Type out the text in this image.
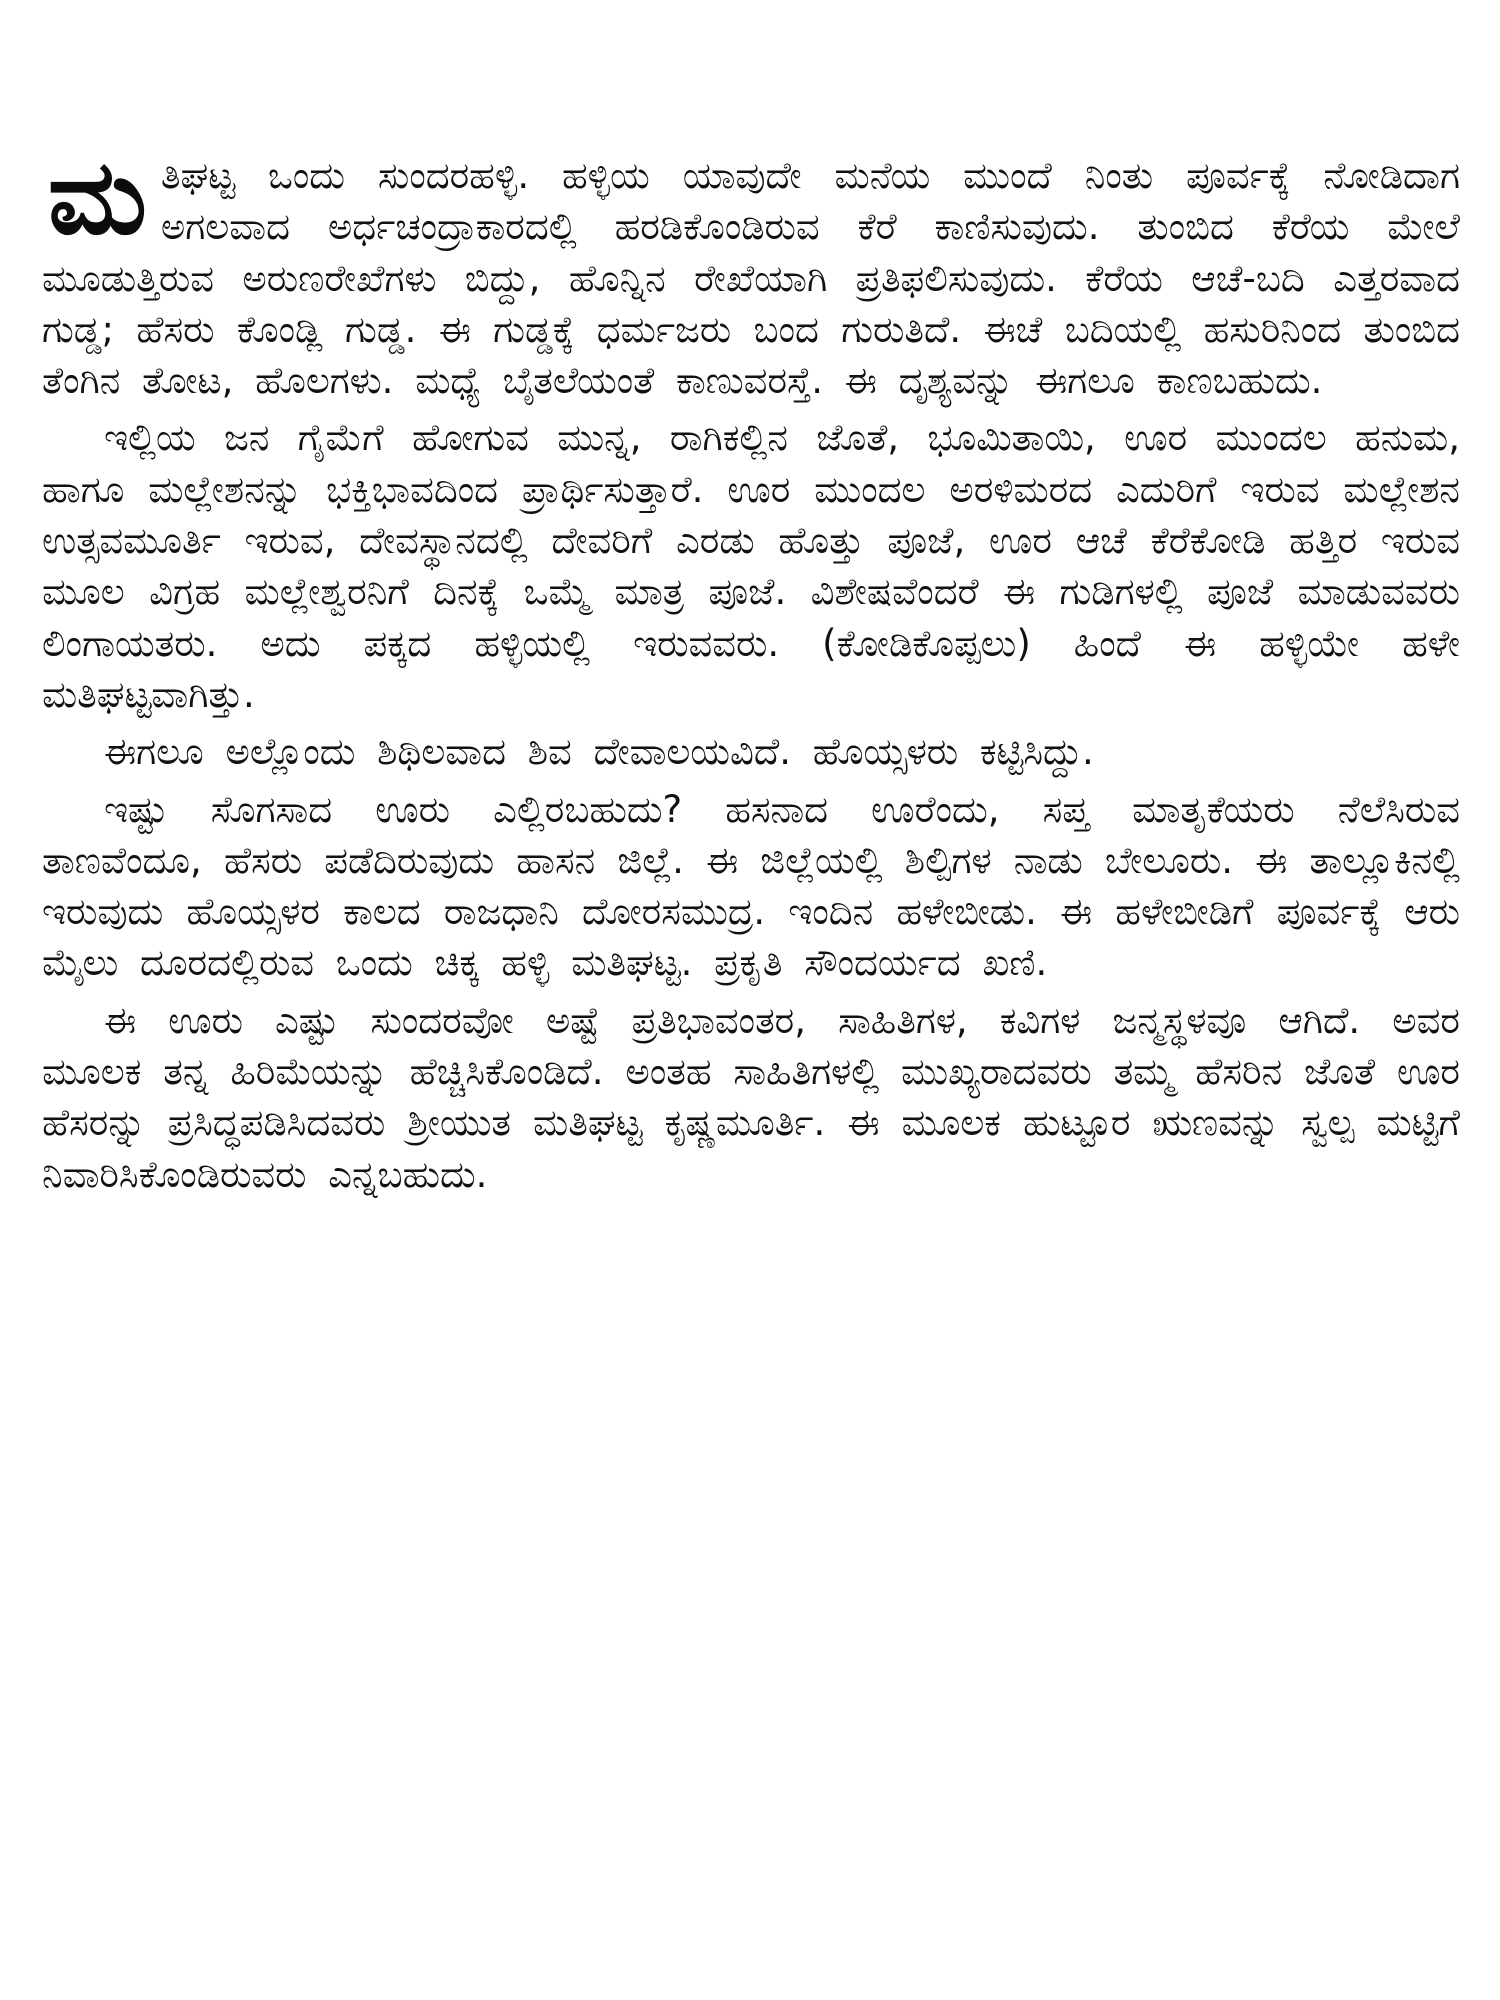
ಮತಿಘಟ್ಟ ಒಂದು ಸುಂದರಹಳ್ಳಿ. ಹಳ್ಳಿಯ ಯಾವುದೇ ಮನೆಯ ಮುಂದೆ ನಿಂತು ಪೂರ್ವಕ್ಕೆ ನೋಡಿದಾಗ ಅಗಲವಾದ ಅರ್ಧಚಂದ್ರಾಕಾರದಲ್ಲಿ ಹರಡಿಕೊಂಡಿರುವ ಕೆರೆ ಕಾಣಿಸುವುದು. ತುಂಬಿದ ಕೆರೆಯ ಮೇಲೆ ಮೂಡುತ್ತಿರುವ ಅರುಣರೇಖೆಗಳು ಬಿದ್ದು, ಹೊನ್ನಿನ ರೇಖೆಯಾಗಿ ಪ್ರತಿಫಲಿಸುವುದು. ಕೆರೆಯ ಆಚೆ-ಬದಿ ಎತ್ತರವಾದ ಗುಡ್ಡ; ಹೆಸರು ಕೊಂಡ್ಲಿ ಗುಡ್ಡ. ಈ ಗುಡ್ಡಕ್ಕೆ ಧರ್ಮಜರು ಬಂದ ಗುರುತಿದೆ. ಈಚೆ ಬದಿಯಲ್ಲಿ ಹಸುರಿನಿಂದ ತುಂಬಿದ ತೆಂಗಿನ ತೋಟ, ಹೊಲಗಳು. ಮಧ್ಯೆ ಬೈತಲೆಯಂತೆ ಕಾಣುವರಸ್ತೆ. ಈ ದೃಶ್ಯವನ್ನು ಈಗಲೂ ಕಾಣಬಹುದು.

ಇಲ್ಲಿಯ ಜನ ಗೈಮೆಗೆ ಹೋಗುವ ಮುನ್ನ, ರಾಗಿಕಲ್ಲಿನ ಜೊತೆ, ಭೂಮಿತಾಯಿ, ಊರ ಮುಂದಲ ಹನುಮ, ಹಾಗೂ ಮಲ್ಲೇಶನನ್ನು ಭಕ್ತಿಭಾವದಿಂದ ಪ್ರಾರ್ಥಿಸುತ್ತಾರೆ. ಊರ ಮುಂದಲ ಅರಳಿಮರದ ಎದುರಿಗೆ ಇರುವ ಮಲ್ಲೇಶನ ಉತ್ಸವಮೂರ್ತಿ ಇರುವ, ದೇವಸ್ಥಾನದಲ್ಲಿ ದೇವರಿಗೆ ಎರಡು ಹೊತ್ತು ಪೂಜೆ, ಊರ ಆಚೆ ಕೆರೆಕೋಡಿ ಹತ್ತಿರ ಇರುವ ಮೂಲ ವಿಗ್ರಹ ಮಲ್ಲೇಶ್ವರನಿಗೆ ದಿನಕ್ಕೆ ಒಮ್ಮೆ ಮಾತ್ರ ಪೂಜೆ. ವಿಶೇಷವೆಂದರೆ ಈ ಗುಡಿಗಳಲ್ಲಿ ಪೂಜೆ ಮಾಡುವವರು ಲಿಂಗಾಯತರು. ಅದು ಪಕ್ಕದ ಹಳ್ಳಿಯಲ್ಲಿ ಇರುವವರು. (ಕೋಡಿಕೊಪ್ಪಲು) ಹಿಂದೆ ಈ ಹಳ್ಳಿಯೇ ಹಳೇ ಮತಿಘಟ್ಟವಾಗಿತ್ತು.

ಈಗಲೂ ಅಲ್ಲೊಂದು ಶಿಥಿಲವಾದ ಶಿವ ದೇವಾಲಯವಿದೆ. ಹೊಯ್ಸಳರು ಕಟ್ಟಿಸಿದ್ದು.

ಇಷ್ಟು ಸೊಗಸಾದ ಊರು ಎಲ್ಲಿರಬಹುದು? ಹಸನಾದ ಊರೆಂದು, ಸಪ್ತ ಮಾತೃಕೆಯರು ನೆಲೆಸಿರುವ ತಾಣವೆಂದೂ, ಹೆಸರು ಪಡೆದಿರುವುದು ಹಾಸನ ಜಿಲ್ಲೆ. ಈ ಜಿಲ್ಲೆಯಲ್ಲಿ ಶಿಲ್ಪಿಗಳ ನಾಡು ಬೇಲೂರು. ಈ ತಾಲ್ಲೂಕಿನಲ್ಲಿ ಇರುವುದು ಹೊಯ್ಸಳರ ಕಾಲದ ರಾಜಧಾನಿ ದೋರಸಮುದ್ರ. ಇಂದಿನ ಹಳೇಬೀಡು. ಈ ಹಳೇಬೀಡಿಗೆ ಪೂರ್ವಕ್ಕೆ ಆರು ಮೈಲು ದೂರದಲ್ಲಿರುವ ಒಂದು ಚಿಕ್ಕ ಹಳ್ಳಿ ಮತಿಘಟ್ಟ. ಪ್ರಕೃತಿ ಸೌಂದರ್ಯದ ಖಣಿ.

ಈ ಊರು ಎಷ್ಟು ಸುಂದರವೋ ಅಷ್ಟೆ ಪ್ರತಿಭಾವಂತರ, ಸಾಹಿತಿಗಳ, ಕವಿಗಳ ಜನ್ಮಸ್ಥಳವೂ ಆಗಿದೆ. ಅವರ ಮೂಲಕ ತನ್ನ ಹಿರಿಮೆಯನ್ನು ಹೆಚ್ಚಿಸಿಕೊಂಡಿದೆ. ಅಂತಹ ಸಾಹಿತಿಗಳಲ್ಲಿ ಮುಖ್ಯರಾದವರು ತಮ್ಮ ಹೆಸರಿನ ಜೊತೆ ಊರ ಹೆಸರನ್ನು ಪ್ರಸಿದ್ಧಪಡಿಸಿದವರು ಶ್ರೀಯುತ ಮತಿಘಟ್ಟ ಕೃಷ್ಣಮೂರ್ತಿ. ಈ ಮೂಲಕ ಹುಟ್ಟೂರ ಋಣವನ್ನು ಸ್ವಲ್ಪ ಮಟ್ಟಿಗೆ ನಿವಾರಿಸಿಕೊಂಡಿರುವರು ಎನ್ನಬಹುದು.
